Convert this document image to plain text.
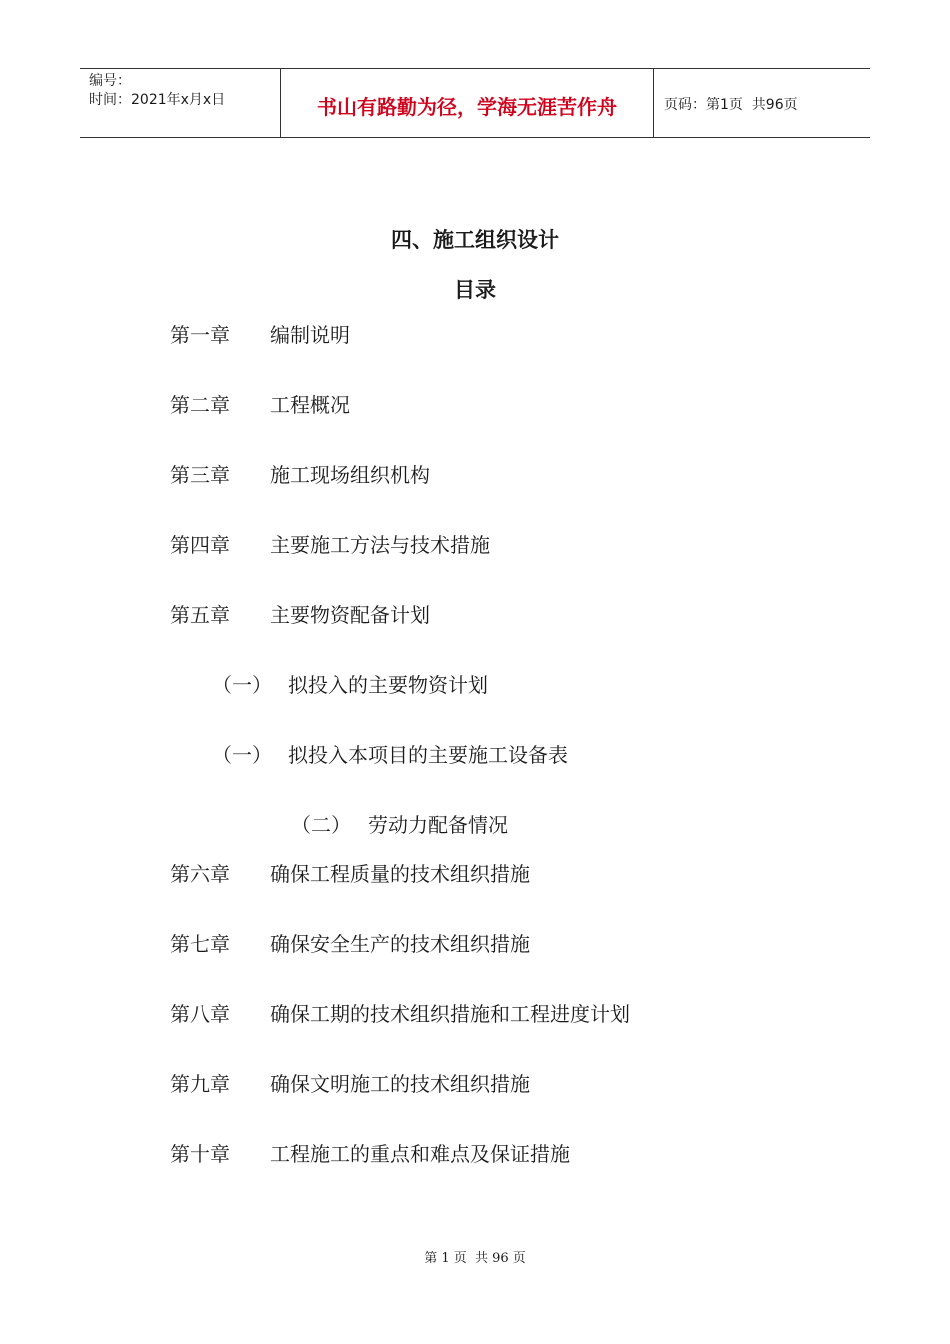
编号：
时间：2021年x月x日	书山有路勤为径，学海无涯苦作舟	页码：第1页  共96页
四、施工组织设计
目录
第一章 编制说明
第二章 工程概况
第三章 施工现场组织机构
第四章 主要施工方法与技术措施
第五章 主要物资配备计划
（一） 拟投入的主要物资计划
（一） 拟投入本项目的主要施工设备表
（二） 劳动力配备情况
第六章 确保工程质量的技术组织措施
第七章 确保安全生产的技术组织措施
第八章 确保工期的技术组织措施和工程进度计划
第九章 确保文明施工的技术组织措施
第十章 工程施工的重点和难点及保证措施
第 1 页  共 96 页
